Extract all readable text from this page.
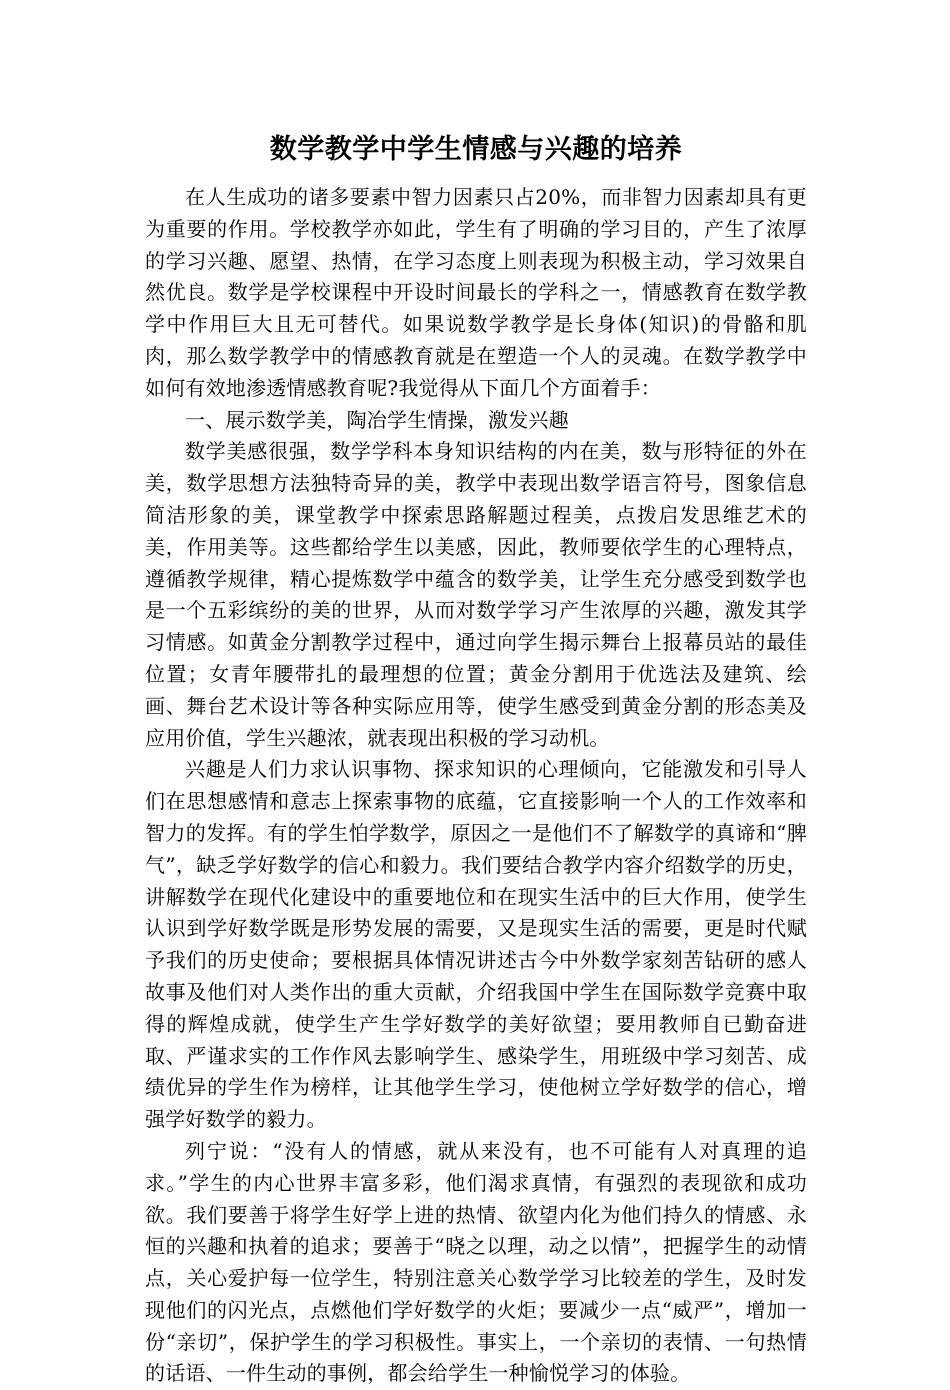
数学教学中学生情感与兴趣的培养

在人生成功的诸多要素中智力因素只占20%，而非智力因素却具有更为重要的作用。学校教学亦如此，学生有了明确的学习目的，产生了浓厚的学习兴趣、愿望、热情，在学习态度上则表现为积极主动，学习效果自然优良。数学是学校课程中开设时间最长的学科之一，情感教育在数学教学中作用巨大且无可替代。如果说数学教学是长身体(知识)的骨骼和肌肉，那么数学教学中的情感教育就是在塑造一个人的灵魂。在数学教学中如何有效地渗透情感教育呢?我觉得从下面几个方面着手：

一、展示数学美，陶冶学生情操，激发兴趣

数学美感很强，数学学科本身知识结构的内在美，数与形特征的外在美，数学思想方法独特奇异的美，教学中表现出数学语言符号，图象信息简洁形象的美，课堂教学中探索思路解题过程美，点拨启发思维艺术的美，作用美等。这些都给学生以美感，因此，教师要依学生的心理特点，遵循教学规律，精心提炼数学中蕴含的数学美，让学生充分感受到数学也是一个五彩缤纷的美的世界，从而对数学学习产生浓厚的兴趣，激发其学习情感。如黄金分割教学过程中，通过向学生揭示舞台上报幕员站的最佳位置；女青年腰带扎的最理想的位置；黄金分割用于优选法及建筑、绘画、舞台艺术设计等各种实际应用等，使学生感受到黄金分割的形态美及应用价值，学生兴趣浓，就表现出积极的学习动机。

兴趣是人们力求认识事物、探求知识的心理倾向，它能激发和引导人们在思想感情和意志上探索事物的底蕴，它直接影响一个人的工作效率和智力的发挥。有的学生怕学数学，原因之一是他们不了解数学的真谛和“脾气”，缺乏学好数学的信心和毅力。我们要结合教学内容介绍数学的历史，讲解数学在现代化建设中的重要地位和在现实生活中的巨大作用，使学生认识到学好数学既是形势发展的需要，又是现实生活的需要，更是时代赋予我们的历史使命；要根据具体情况讲述古今中外数学家刻苦钻研的感人故事及他们对人类作出的重大贡献，介绍我国中学生在国际数学竞赛中取得的辉煌成就，使学生产生学好数学的美好欲望；要用教师自已勤奋进取、严谨求实的工作作风去影响学生、感染学生，用班级中学习刻苦、成绩优异的学生作为榜样，让其他学生学习，使他树立学好数学的信心，增强学好数学的毅力。

列宁说：“没有人的情感，就从来没有，也不可能有人对真理的追求。”学生的内心世界丰富多彩，他们渴求真情，有强烈的表现欲和成功欲。我们要善于将学生好学上进的热情、欲望内化为他们持久的情感、永恒的兴趣和执着的追求；要善于“晓之以理，动之以情”，把握学生的动情点，关心爱护每一位学生，特别注意关心数学学习比较差的学生，及时发现他们的闪光点，点燃他们学好数学的火炬；要减少一点“威严”，增加一份“亲切”，保护学生的学习积极性。事实上，一个亲切的表情、一句热情的话语、一件生动的事例，都会给学生一种愉悦学习的体验。
